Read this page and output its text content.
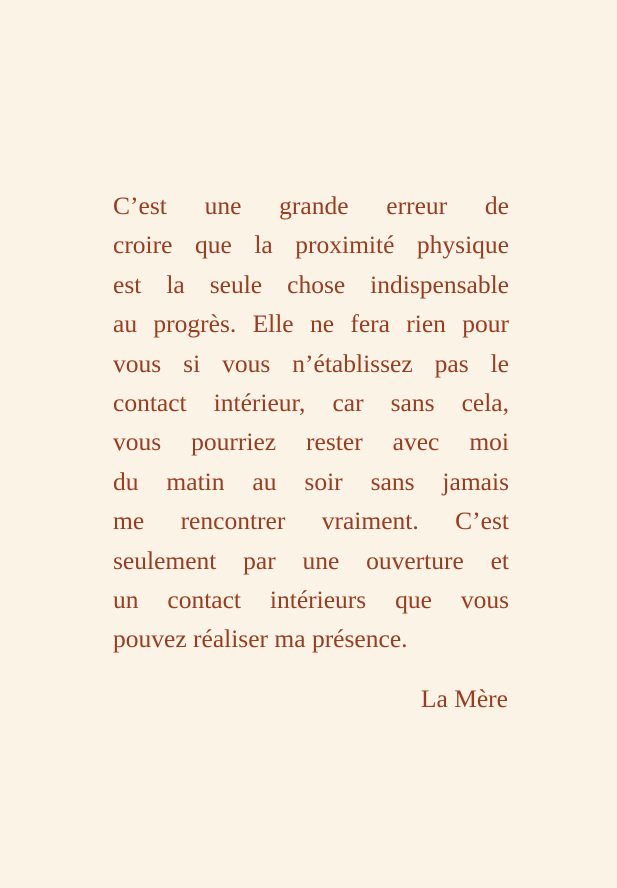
C’est une grande erreur de
croire que la proximité physique
est la seule chose indispensable
au progrès. Elle ne fera rien pour
vous si vous n’établissez pas le
contact intérieur, car sans cela,
vous pourriez rester avec moi
du matin au soir sans jamais
me rencontrer vraiment. C’est
seulement par une ouverture et
un contact intérieurs que vous
pouvez réaliser ma présence.

La Mère
